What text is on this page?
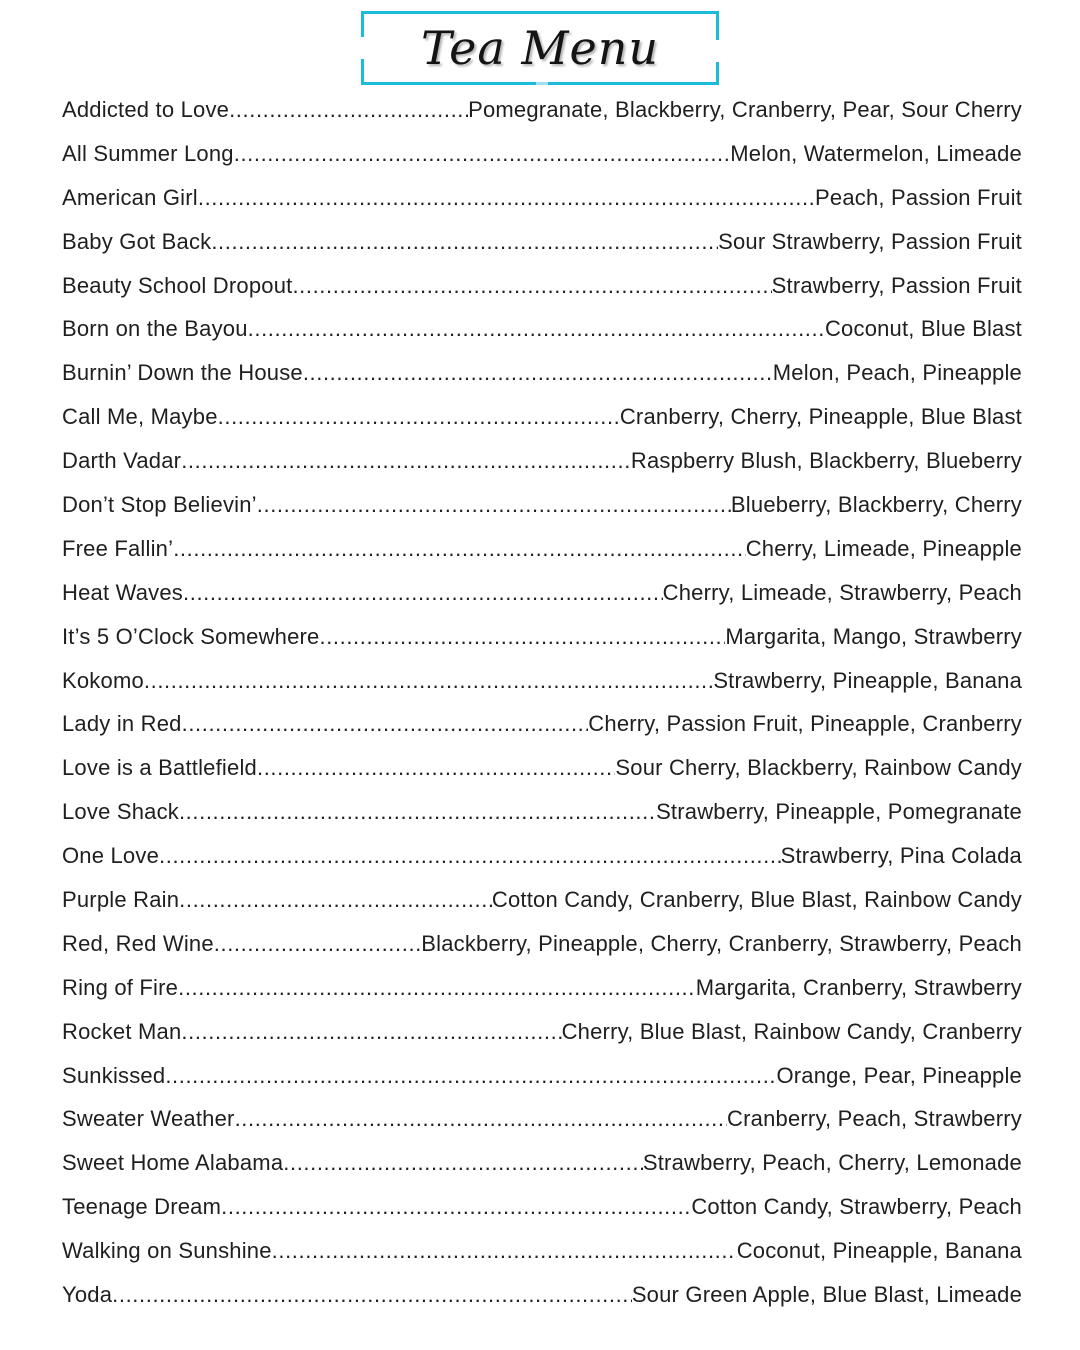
Tea Menu
Addicted to Love .....	Pomegranate, Blackberry, Cranberry, Pear, Sour Cherry
All Summer Long .....	Melon, Watermelon, Limeade
American Girl .....	Peach, Passion Fruit
Baby Got Back .....	Sour Strawberry, Passion Fruit
Beauty School Dropout .....	Strawberry, Passion Fruit
Born on the Bayou .....	Coconut, Blue Blast
Burnin’ Down the House .....	Melon, Peach, Pineapple
Call Me, Maybe .....	Cranberry, Cherry, Pineapple, Blue Blast
Darth Vadar .....	Raspberry Blush, Blackberry, Blueberry
Don’t Stop Believin’ .....	Blueberry, Blackberry, Cherry
Free Fallin’ .....	Cherry, Limeade, Pineapple
Heat Waves .....	Cherry, Limeade, Strawberry, Peach
It’s 5 O’Clock Somewhere .....	Margarita, Mango, Strawberry
Kokomo .....	Strawberry, Pineapple, Banana
Lady in Red .....	Cherry, Passion Fruit, Pineapple, Cranberry
Love is a Battlefield .....	Sour Cherry, Blackberry, Rainbow Candy
Love Shack .....	Strawberry, Pineapple, Pomegranate
One Love .....	Strawberry, Pina Colada
Purple Rain .....	Cotton Candy, Cranberry, Blue Blast, Rainbow Candy
Red, Red Wine .....	Blackberry, Pineapple, Cherry, Cranberry, Strawberry, Peach
Ring of Fire .....	Margarita, Cranberry, Strawberry
Rocket Man .....	Cherry, Blue Blast, Rainbow Candy, Cranberry
Sunkissed .....	Orange, Pear, Pineapple
Sweater Weather .....	Cranberry, Peach, Strawberry
Sweet Home Alabama .....	Strawberry, Peach, Cherry, Lemonade
Teenage Dream .....	Cotton Candy, Strawberry, Peach
Walking on Sunshine .....	Coconut, Pineapple, Banana
Yoda .....	Sour Green Apple, Blue Blast, Limeade
